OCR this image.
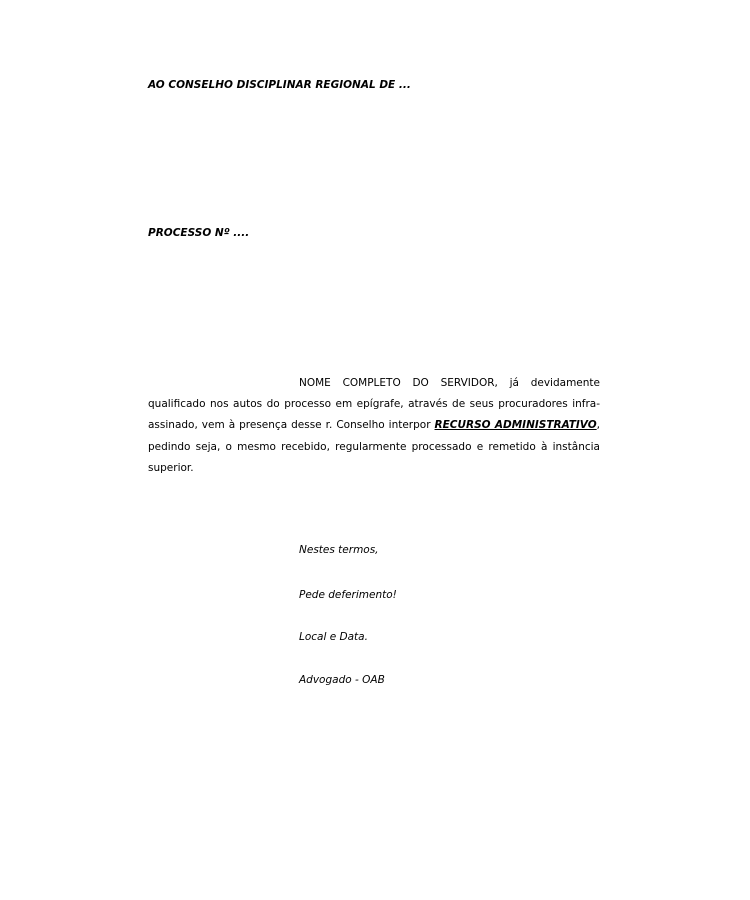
AO CONSELHO DISCIPLINAR REGIONAL DE ...
PROCESSO Nº ....
NOME COMPLETO DO SERVIDOR, já devidamente qualificado nos autos do processo em epígrafe, através de seus procuradores infra-assinado, vem à presença desse r. Conselho interpor RECURSO ADMINISTRATIVO, pedindo seja, o mesmo recebido, regularmente processado e remetido à instância superior.
Nestes termos,
Pede deferimento!
Local e Data.
Advogado - OAB
